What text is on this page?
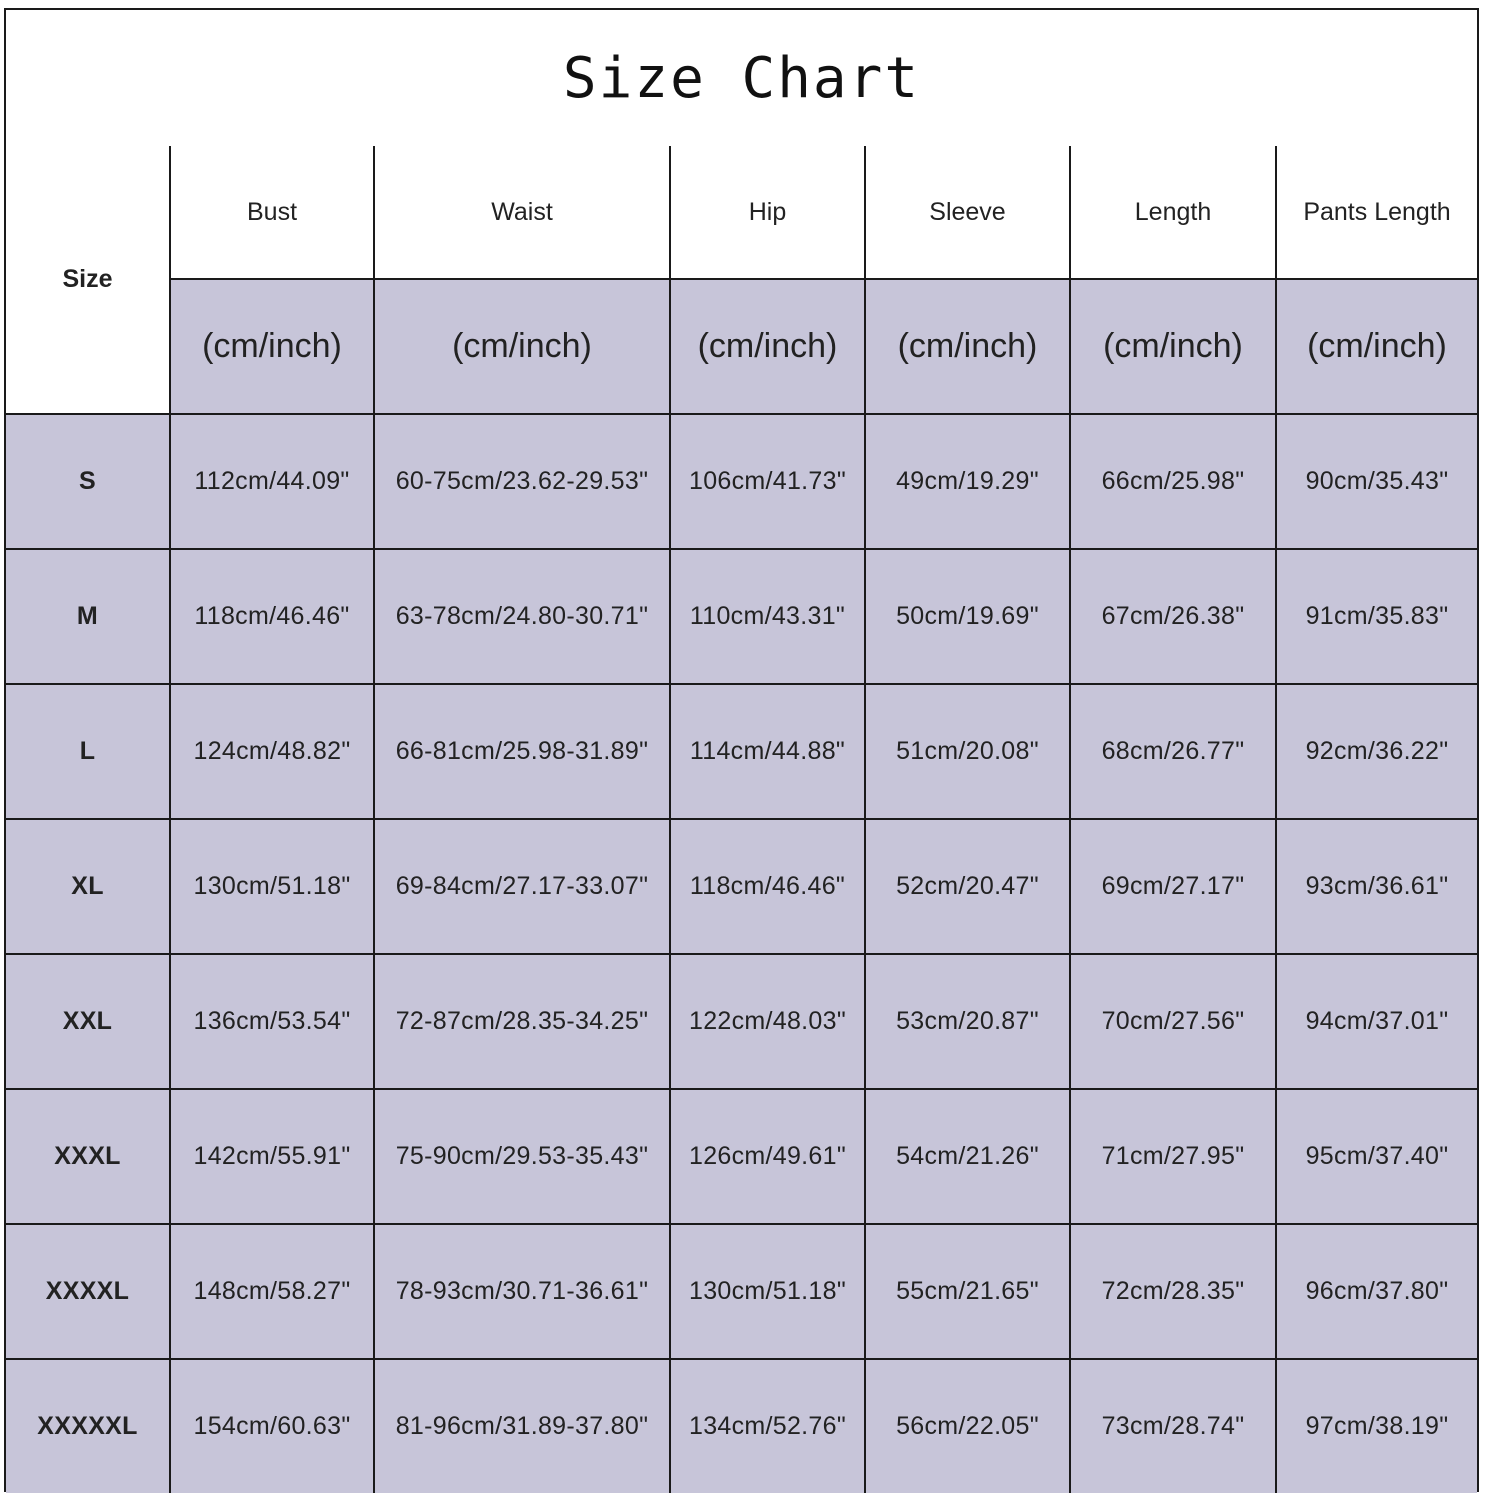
Size Chart
Size	Bust	Waist	Hip	Sleeve	Length	Pants Length
	(cm/inch)	(cm/inch)	(cm/inch)	(cm/inch)	(cm/inch)	(cm/inch)
S	112cm/44.09"	60-75cm/23.62-29.53"	106cm/41.73"	49cm/19.29"	66cm/25.98"	90cm/35.43"
M	118cm/46.46"	63-78cm/24.80-30.71"	110cm/43.31"	50cm/19.69"	67cm/26.38"	91cm/35.83"
L	124cm/48.82"	66-81cm/25.98-31.89"	114cm/44.88"	51cm/20.08"	68cm/26.77"	92cm/36.22"
XL	130cm/51.18"	69-84cm/27.17-33.07"	118cm/46.46"	52cm/20.47"	69cm/27.17"	93cm/36.61"
XXL	136cm/53.54"	72-87cm/28.35-34.25"	122cm/48.03"	53cm/20.87"	70cm/27.56"	94cm/37.01"
XXXL	142cm/55.91"	75-90cm/29.53-35.43"	126cm/49.61"	54cm/21.26"	71cm/27.95"	95cm/37.40"
XXXXL	148cm/58.27"	78-93cm/30.71-36.61"	130cm/51.18"	55cm/21.65"	72cm/28.35"	96cm/37.80"
XXXXXL	154cm/60.63"	81-96cm/31.89-37.80"	134cm/52.76"	56cm/22.05"	73cm/28.74"	97cm/38.19"
